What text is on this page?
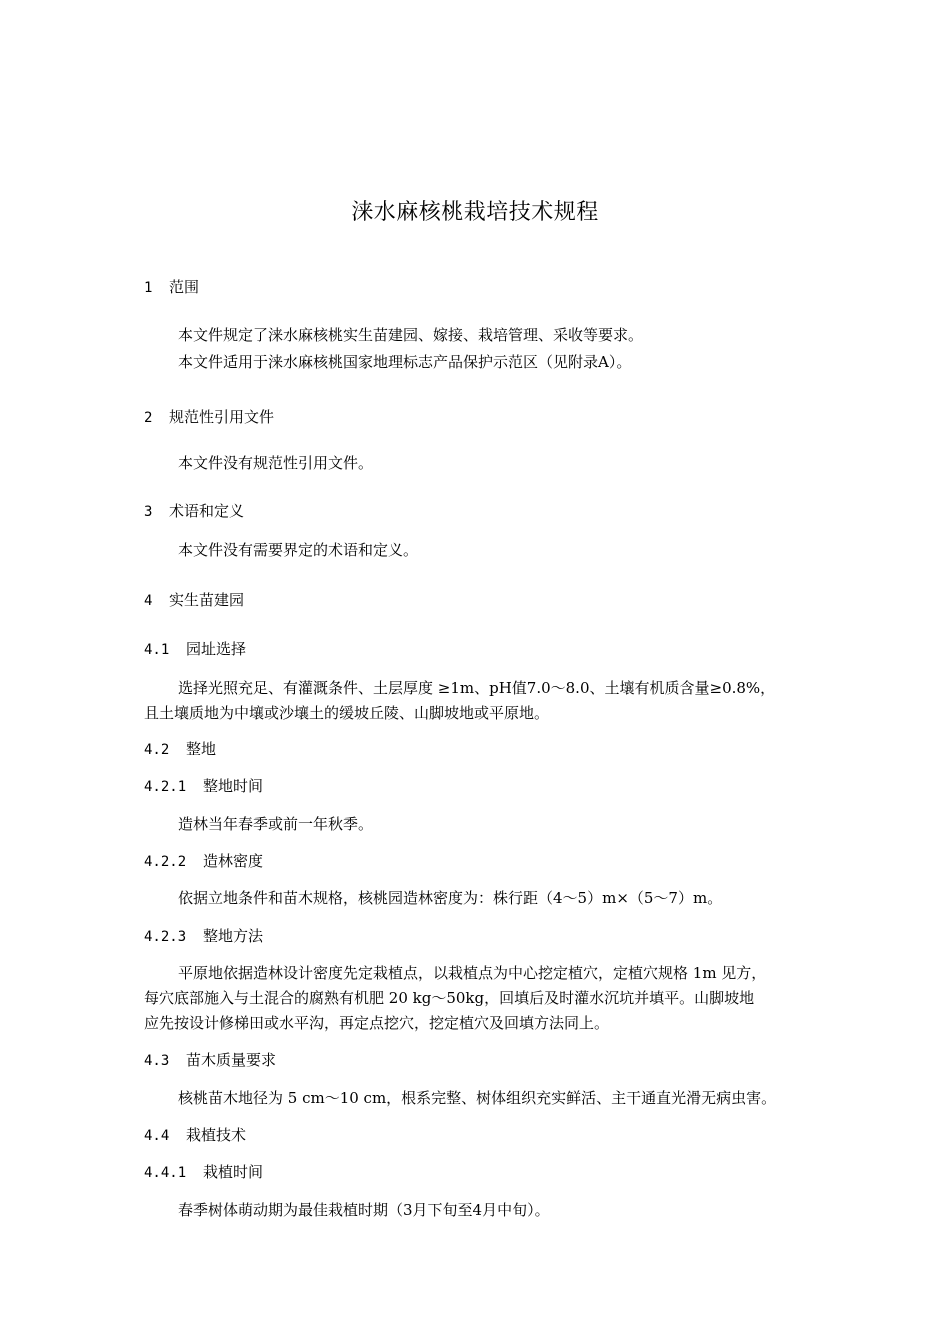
涞水麻核桃栽培技术规程
1 范围
本文件规定了涞水麻核桃实生苗建园、嫁接、栽培管理、采收等要求。
本文件适用于涞水麻核桃国家地理标志产品保护示范区（见附录A）。
2 规范性引用文件
本文件没有规范性引用文件。
3 术语和定义
本文件没有需要界定的术语和定义。
4 实生苗建园
4.1 园址选择
选择光照充足、有灌溉条件、土层厚度 ≥1m、pH值7.0～8.0、土壤有机质含量≥0.8%，
且土壤质地为中壤或沙壤土的缓坡丘陵、山脚坡地或平原地。
4.2 整地
4.2.1 整地时间
造林当年春季或前一年秋季。
4.2.2 造林密度
依据立地条件和苗木规格，核桃园造林密度为：株行距（4～5）m×（5～7）m。
4.2.3 整地方法
平原地依据造林设计密度先定栽植点，以栽植点为中心挖定植穴，定植穴规格 1m 见方，
每穴底部施入与土混合的腐熟有机肥 20 kg～50kg，回填后及时灌水沉坑并填平。山脚坡地
应先按设计修梯田或水平沟，再定点挖穴，挖定植穴及回填方法同上。
4.3 苗木质量要求
核桃苗木地径为 5 cm～10 cm，根系完整、树体组织充实鲜活、主干通直光滑无病虫害。
4.4 栽植技术
4.4.1 栽植时间
春季树体萌动期为最佳栽植时期（3月下旬至4月中旬）。
